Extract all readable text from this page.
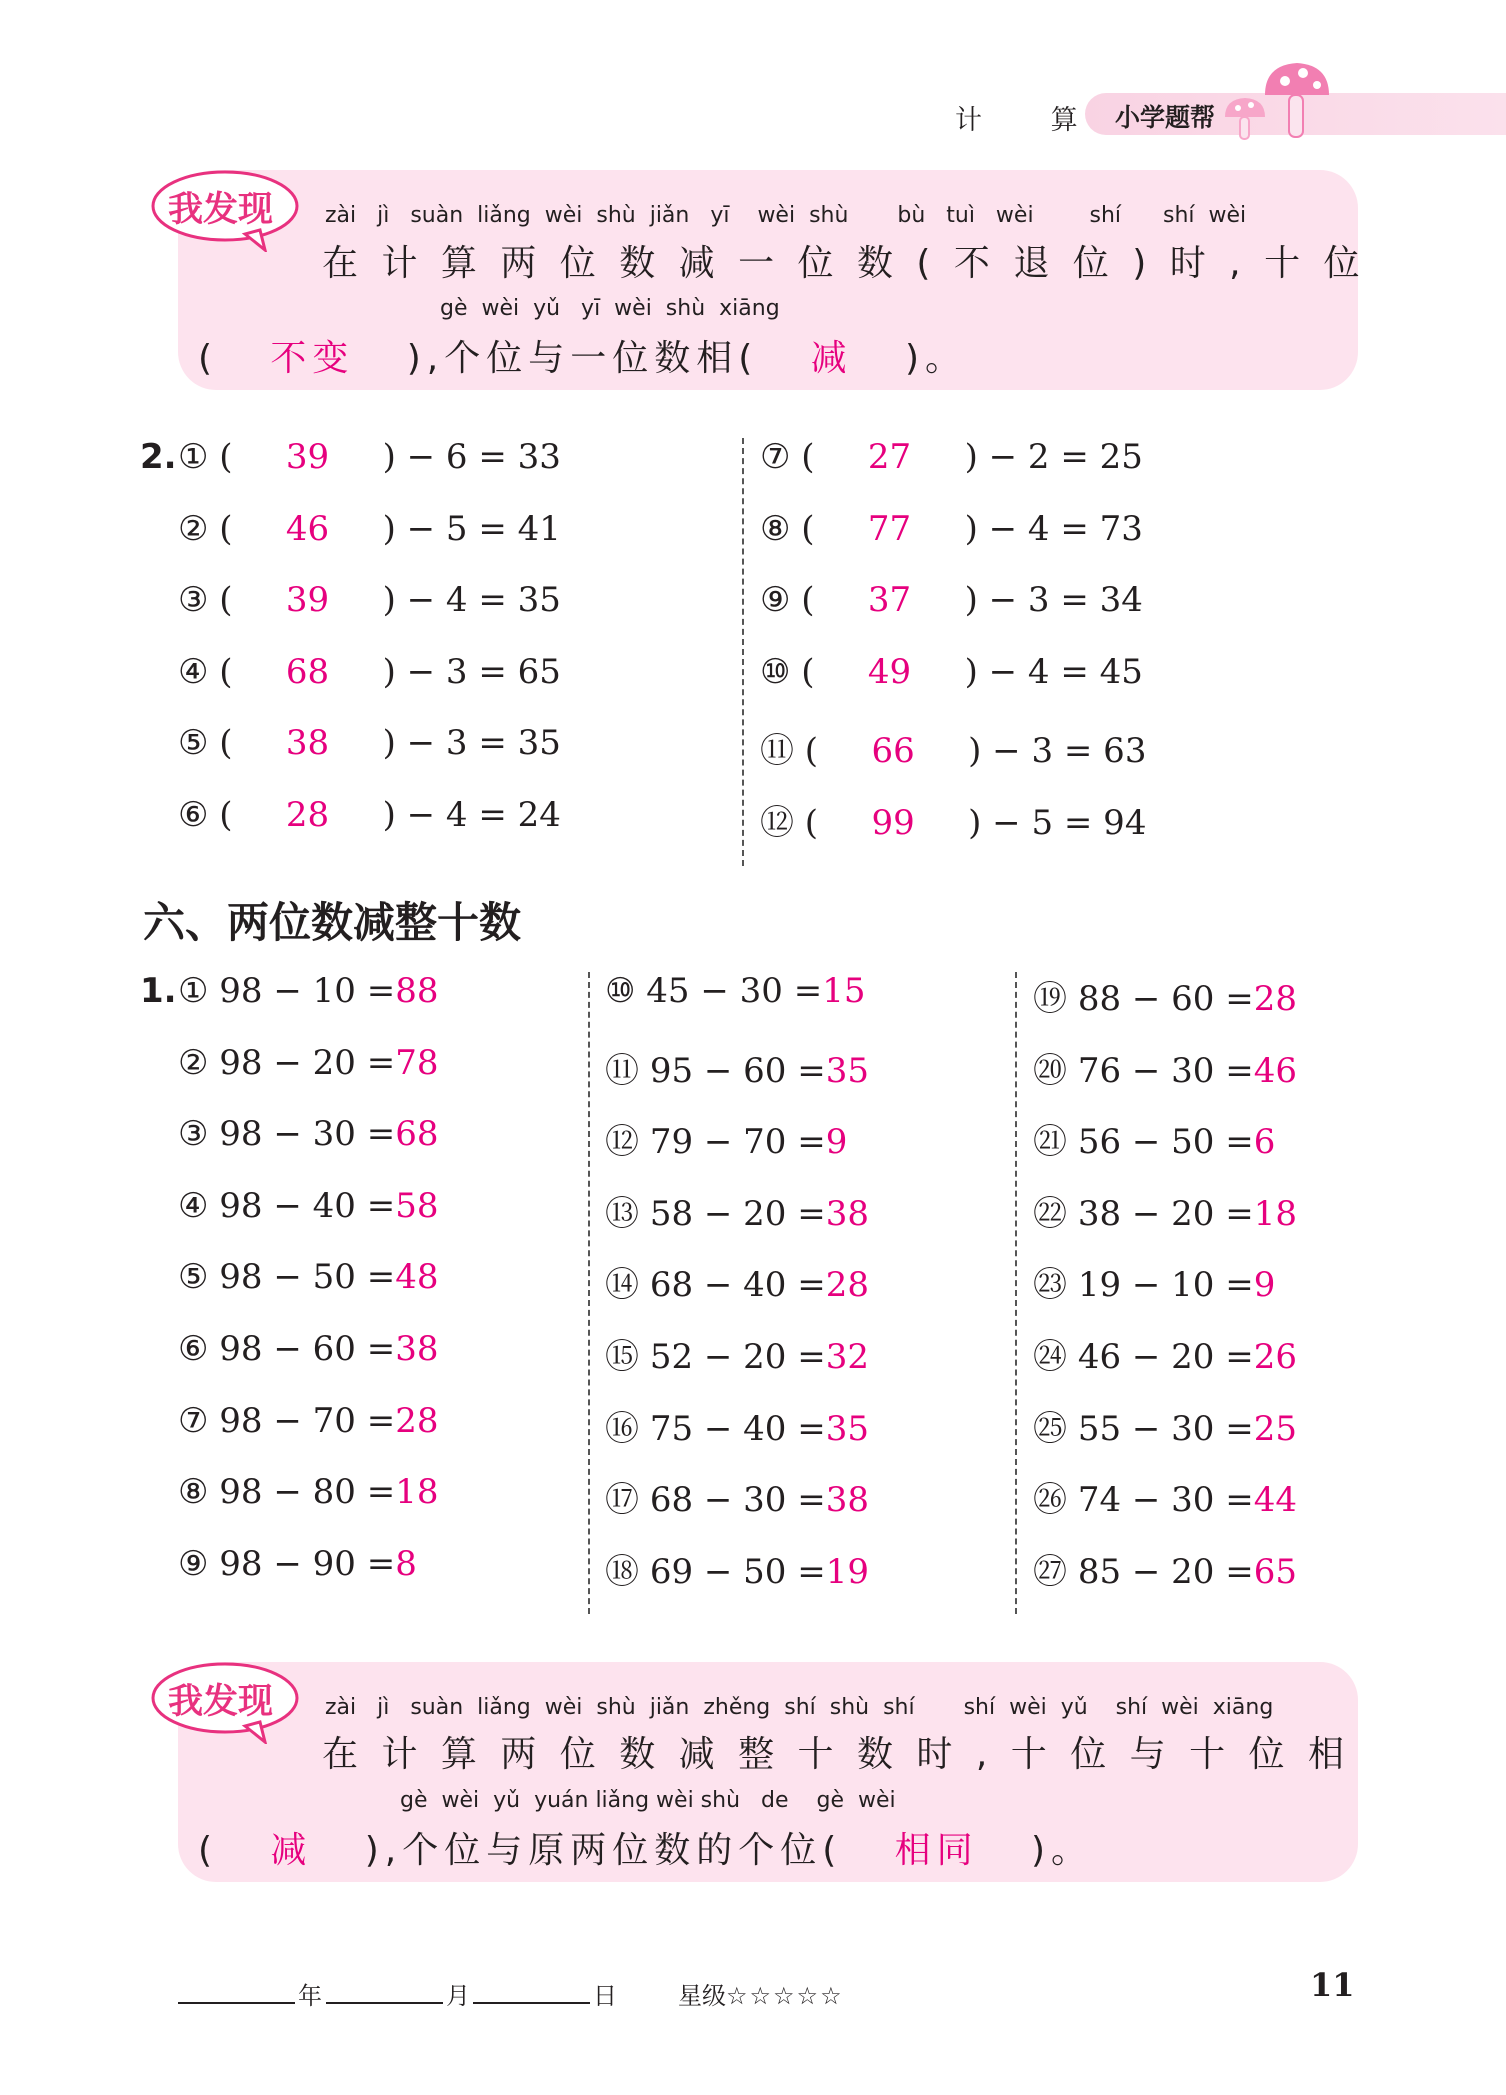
计 算 小学题帮
我发现 zài   jì   suàn  liǎng  wèi  shù  jiǎn   yī    wèi  shù       bù   tuì   wèi        shí      shí  wèi
在 计 算 两 位 数 减 一 位 数 ( 不 退 位 ) 时 , 十 位
gè  wèi  yǔ   yī  wèi  shù  xiāng
( 不变 ),个位与一位数相( 减 )。
2. ① ( 39 ) − 6 = 33
② ( 46 ) − 5 = 41
③ ( 39 ) − 4 = 35
④ ( 68 ) − 3 = 65
⑤ ( 38 ) − 3 = 35
⑥ ( 28 ) − 4 = 24
⑦ ( 27 ) − 2 = 25
⑧ ( 77 ) − 4 = 73
⑨ ( 37 ) − 3 = 34
⑩ ( 49 ) − 4 = 45
⑪ ( 66 ) − 3 = 63
⑫ ( 99 ) − 5 = 94
六、两位数减整十数
1. ① 98 − 10 =88
② 98 − 20 =78
③ 98 − 30 =68
④ 98 − 40 =58
⑤ 98 − 50 =48
⑥ 98 − 60 =38
⑦ 98 − 70 =28
⑧ 98 − 80 =18
⑨ 98 − 90 =8
⑩ 45 − 30 =15
⑪ 95 − 60 =35
⑫ 79 − 70 =9
⑬ 58 − 20 =38
⑭ 68 − 40 =28
⑮ 52 − 20 =32
⑯ 75 − 40 =35
⑰ 68 − 30 =38
⑱ 69 − 50 =19
⑲ 88 − 60 =28
⑳ 76 − 30 =46
㉑ 56 − 50 =6
㉒ 38 − 20 =18
㉓ 19 − 10 =9
㉔ 46 − 20 =26
㉕ 55 − 30 =25
㉖ 74 − 30 =44
㉗ 85 − 20 =65
我发现 zài   jì   suàn  liǎng  wèi  shù  jiǎn  zhěng  shí  shù  shí       shí  wèi  yǔ    shí  wèi  xiāng
在 计 算 两 位 数 减 整 十 数 时 , 十 位 与 十 位 相
gè  wèi  yǔ  yuán liǎng wèi shù   de    gè  wèi
( 减 ),个位与原两位数的个位( 相同 )。
年	月	日	星级☆☆☆☆☆	11
